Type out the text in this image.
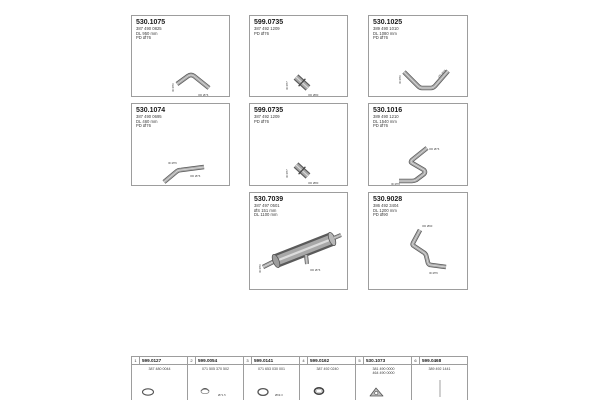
530.1075
387 490 0825
DL 950 mm
PD Ø76
ID Ø76
OD Ø76
599.0735
387 492 1209
PD Ø76
ID Ø77
OD Ø80
530.1025
389 490 1010
DL 1080 mm
PD Ø76
ID Ø76
OD Ø76
530.1074
387 490 0695
DL 460 mm
PD Ø76
ID Ø76
OD Ø76
599.0735
387 492 1209
PD Ø76
ID Ø77
OD Ø80
530.1016
389 490 1210
DL 1540 mm
PD Ø76
OD Ø76
ID Ø76
530.7039
387 497 0501
ØS 151 mm
DL 1100 mm
ID Ø76	OD Ø76
530.9028
386 492 3404
DL 1200 mm
PD Ø90
OD Ø90
ID Ø76
1	599.0127
387 480 0044
2	599.0054
071 505 370 502
Ø71.5
3	599.0141
071 653 030 001
Ø69.3
4	599.0162
387 492 0240
5	530.1073
381 490 0000
464 490 0000
6	599.0468
389 492 1441
